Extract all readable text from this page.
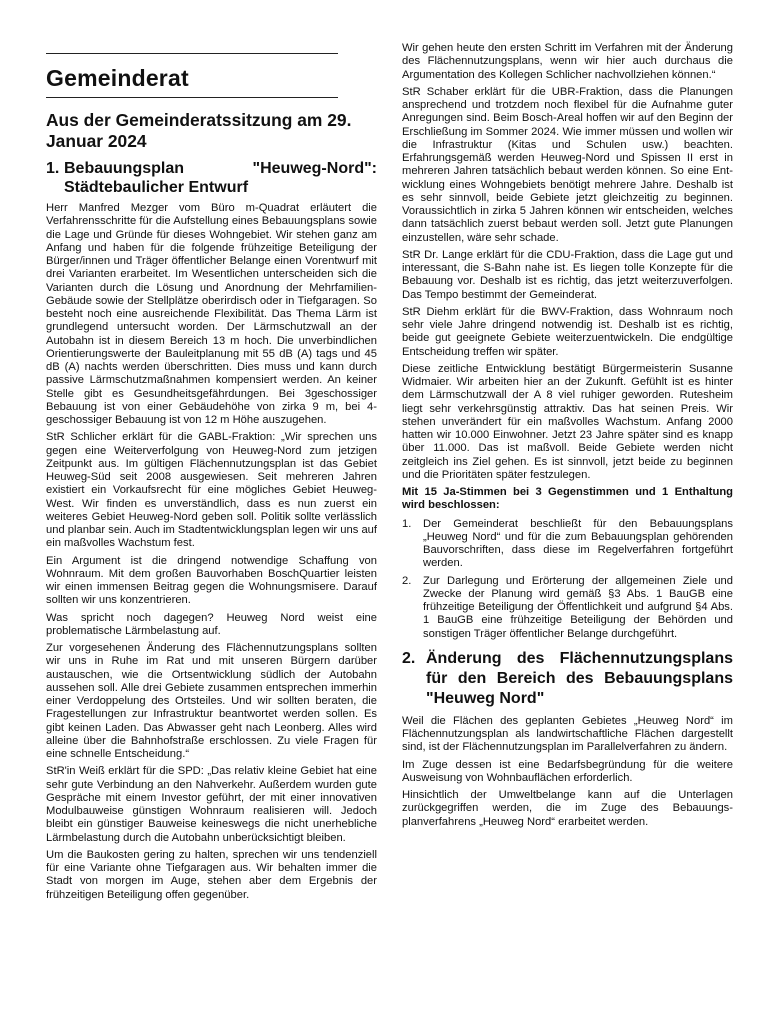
Gemeinderat
Aus der Gemeinderatssitzung am 29. Januar 2024
1. Bebauungsplan "Heuweg-Nord": Städtebaulicher Entwurf

Herr Manfred Mezger vom Büro m-Quadrat erläutert die Verfahrensschritte für die Aufstellung eines Bebauungsplans sowie die Lage und Gründe für dieses Wohngebiet. Wir stehen ganz am Anfang und haben für die folgende frühzeitige Beteiligung der Bürger/innen und Träger öffentlicher Belange einen Vorentwurf mit drei Varianten erarbeitet. Im Wesentlichen unterscheiden sich die Varianten durch die Lösung und Anordnung der MehrfamilienGebäude sowie der Stellplätze oberirdisch oder in Tiefgaragen. So besteht noch eine ausreichende Flexibilität. Das Thema Lärm ist grundlegend untersucht worden. Der Lärmschutzwall an der Autobahn ist in diesem Bereich 13 m hoch. Die unverbindlichen Orientierungswerte der Bauleitplanung mit 55 dB (A) tags und 45 dB (A) nachts werden überschritten. Dies muss und kann durch passive Lärmschutzmaßnahmen kompensiert werden. An keiner Stelle gibt es Gesundheitsgefährdungen. Bei 3geschossiger Bebauung ist von einer Gebäudehöhe von zirka 9 m, bei 4-geschossiger Bebauung ist von 12 m Höhe auszugehen.

StR Schlicher erklärt für die GABL-Fraktion: „Wir sprechen uns gegen eine Weiterverfolgung von Heuweg-Nord zum jetzigen Zeitpunkt aus. Im gültigen Flächennutzungsplan ist das Gebiet Heuweg-Süd seit 2008 ausgewiesen. Seit mehreren Jahren existiert ein Vorkaufsrecht für eine mögliches Gebiet Heuweg-West. Wir finden es unverständlich, dass es nun zuerst ein weiteres Gebiet Heuweg-Nord geben soll. Politik sollte verlässlich und planbar sein. Auch im Stadtentwicklungsplan legen wir uns auf ein maßvolles Wachstum fest.

Ein Argument ist die dringend notwendige Schaffung von Wohnraum. Mit dem großen Bauvorhaben BoschQuartier leisten wir einen immensen Beitrag gegen die Wohnungsmisere. Darauf sollten wir uns konzentrieren.

Was spricht noch dagegen? Heuweg Nord weist eine problematische Lärmbelastung auf.

Zur vorgesehenen Änderung des Flächennutzungsplans sollten wir uns in Ruhe im Rat und mit unseren Bürgern darüber austauschen, wie die Ortsentwicklung südlich der Autobahn aussehen soll. Alle drei Gebiete zusammen entsprechen immerhin einer Verdoppelung des Ortsteiles. Und wir sollten beraten, die Fragestellungen zur Infrastruktur beantwortet werden sollen. Es gibt keinen Laden. Das Abwasser geht nach Leonberg. Alles wird alleine über die Bahnhofstraße erschlossen. Zu viele Fragen für eine schnelle Entscheidung.“

StR'in Weiß erklärt für die SPD: „Das relativ kleine Gebiet hat eine sehr gute Verbindung an den Nahverkehr. Außerdem wurden gute Gespräche mit einem Investor geführt, der mit einer innovativen Modulbauweise günstigen Wohnraum realisieren will. Jedoch bleibt ein günstiger Bauweise keineswegs die nicht unerhebliche Lärmbelastung durch die Autobahn unberücksichtigt bleiben.

Um die Baukosten gering zu halten, sprechen wir uns tendenziell für eine Variante ohne Tiefgaragen aus. Wir behalten immer die Stadt von morgen im Auge, stehen aber dem Ergebnis der frühzeitigen Beteiligung offen gegenüber.

Wir gehen heute den ersten Schritt im Verfahren mit der Änderung des Flächennutzungsplans, wenn wir hier auch durchaus die Argumentation des Kollegen Schlicher nachvollziehen können.“

StR Schaber erklärt für die UBR-Fraktion, dass die Planungen ansprechend und trotzdem noch flexibel für die Aufnahme guter Anregungen sind. Beim Bosch-Areal hoffen wir auf den Beginn der Erschließung im Sommer 2024. Wie immer müssen und wollen wir die Infrastruktur (Kitas und Schulen usw.) beachten. Erfahrungsgemäß werden Heuweg-Nord und Spissen II erst in mehreren Jahren tatsächlich bebaut werden können. So eine Entwicklung eines Wohngebiets benötigt mehrere Jahre. Deshalb ist es sehr sinnvoll, beide Gebiete jetzt gleichzeitig zu beginnen. Voraussichtlich in zirka 5 Jahren können wir entscheiden, welches dann tatsächlich zuerst bebaut werden soll. Jetzt gute Planungen einzustellen, wäre sehr schade.

StR Dr. Lange erklärt für die CDU-Fraktion, dass die Lage gut und interessant, die S-Bahn nahe ist. Es liegen tolle Konzepte für die Bebauung vor. Deshalb ist es richtig, das jetzt weiterzuverfolgen. Das Tempo bestimmt der Gemeinderat.

StR Diehm erklärt für die BWV-Fraktion, dass Wohnraum noch sehr viele Jahre dringend notwendig ist. Deshalb ist es richtig, beide gut geeignete Gebiete weiterzuentwickeln. Die endgültige Entscheidung treffen wir später.

Diese zeitliche Entwicklung bestätigt Bürgermeisterin Susanne Widmaier. Wir arbeiten hier an der Zukunft. Gefühlt ist es hinter dem Lärmschutzwall der A 8 viel ruhiger geworden. Rutesheim liegt sehr verkehrsgünstig attraktiv. Das hat seinen Preis. Wir stehen unverändert für ein maßvolles Wachstum. Anfang 2000 hatten wir 10.000 Einwohner. Jetzt 23 Jahre später sind es knapp über 11.000. Das ist maßvoll. Beide Gebiete werden nicht zeitgleich ins Ziel gehen. Es ist sinnvoll, jetzt beide zu beginnen und die Prioritäten später festzulegen.

Mit 15 Ja-Stimmen bei 3 Gegenstimmen und 1 Enthaltung wird beschlossen:

1.	Der Gemeinderat beschließt für den Bebauungsplans „Heuweg Nord“ und für die zum Bebauungsplan gehörenden Bauvorschriften, dass diese im Regelverfahren fortgeführt werden.
2.	Zur Darlegung und Erörterung der allgemeinen Ziele und Zwecke der Planung wird gemäß §3 Abs. 1 BauGB eine frühzeitige Beteiligung der Öffentlichkeit und aufgrund §4 Abs. 1 BauGB eine frühzeitige Beteiligung der Behörden und sonstigen Träger öffentlicher Belange durchgeführt.
2. Änderung des Flächennutzungsplans für den Bereich des Bebauungsplans "Heuweg Nord"

Weil die Flächen des geplanten Gebietes „Heuweg Nord“ im Flächennutzungsplan als landwirtschaftliche Flächen dargestellt sind, ist der Flächennutzungsplan im Parallelverfahren zu ändern.

Im Zuge dessen ist eine Bedarfsbegründung für die weitere Ausweisung von Wohnbauflächen erforderlich.

Hinsichtlich der Umweltbelange kann auf die Unterlagen zurückgegriffen werden, die im Zuge des Bebauungsplanverfahrens „Heuweg Nord“ erarbeitet werden.
